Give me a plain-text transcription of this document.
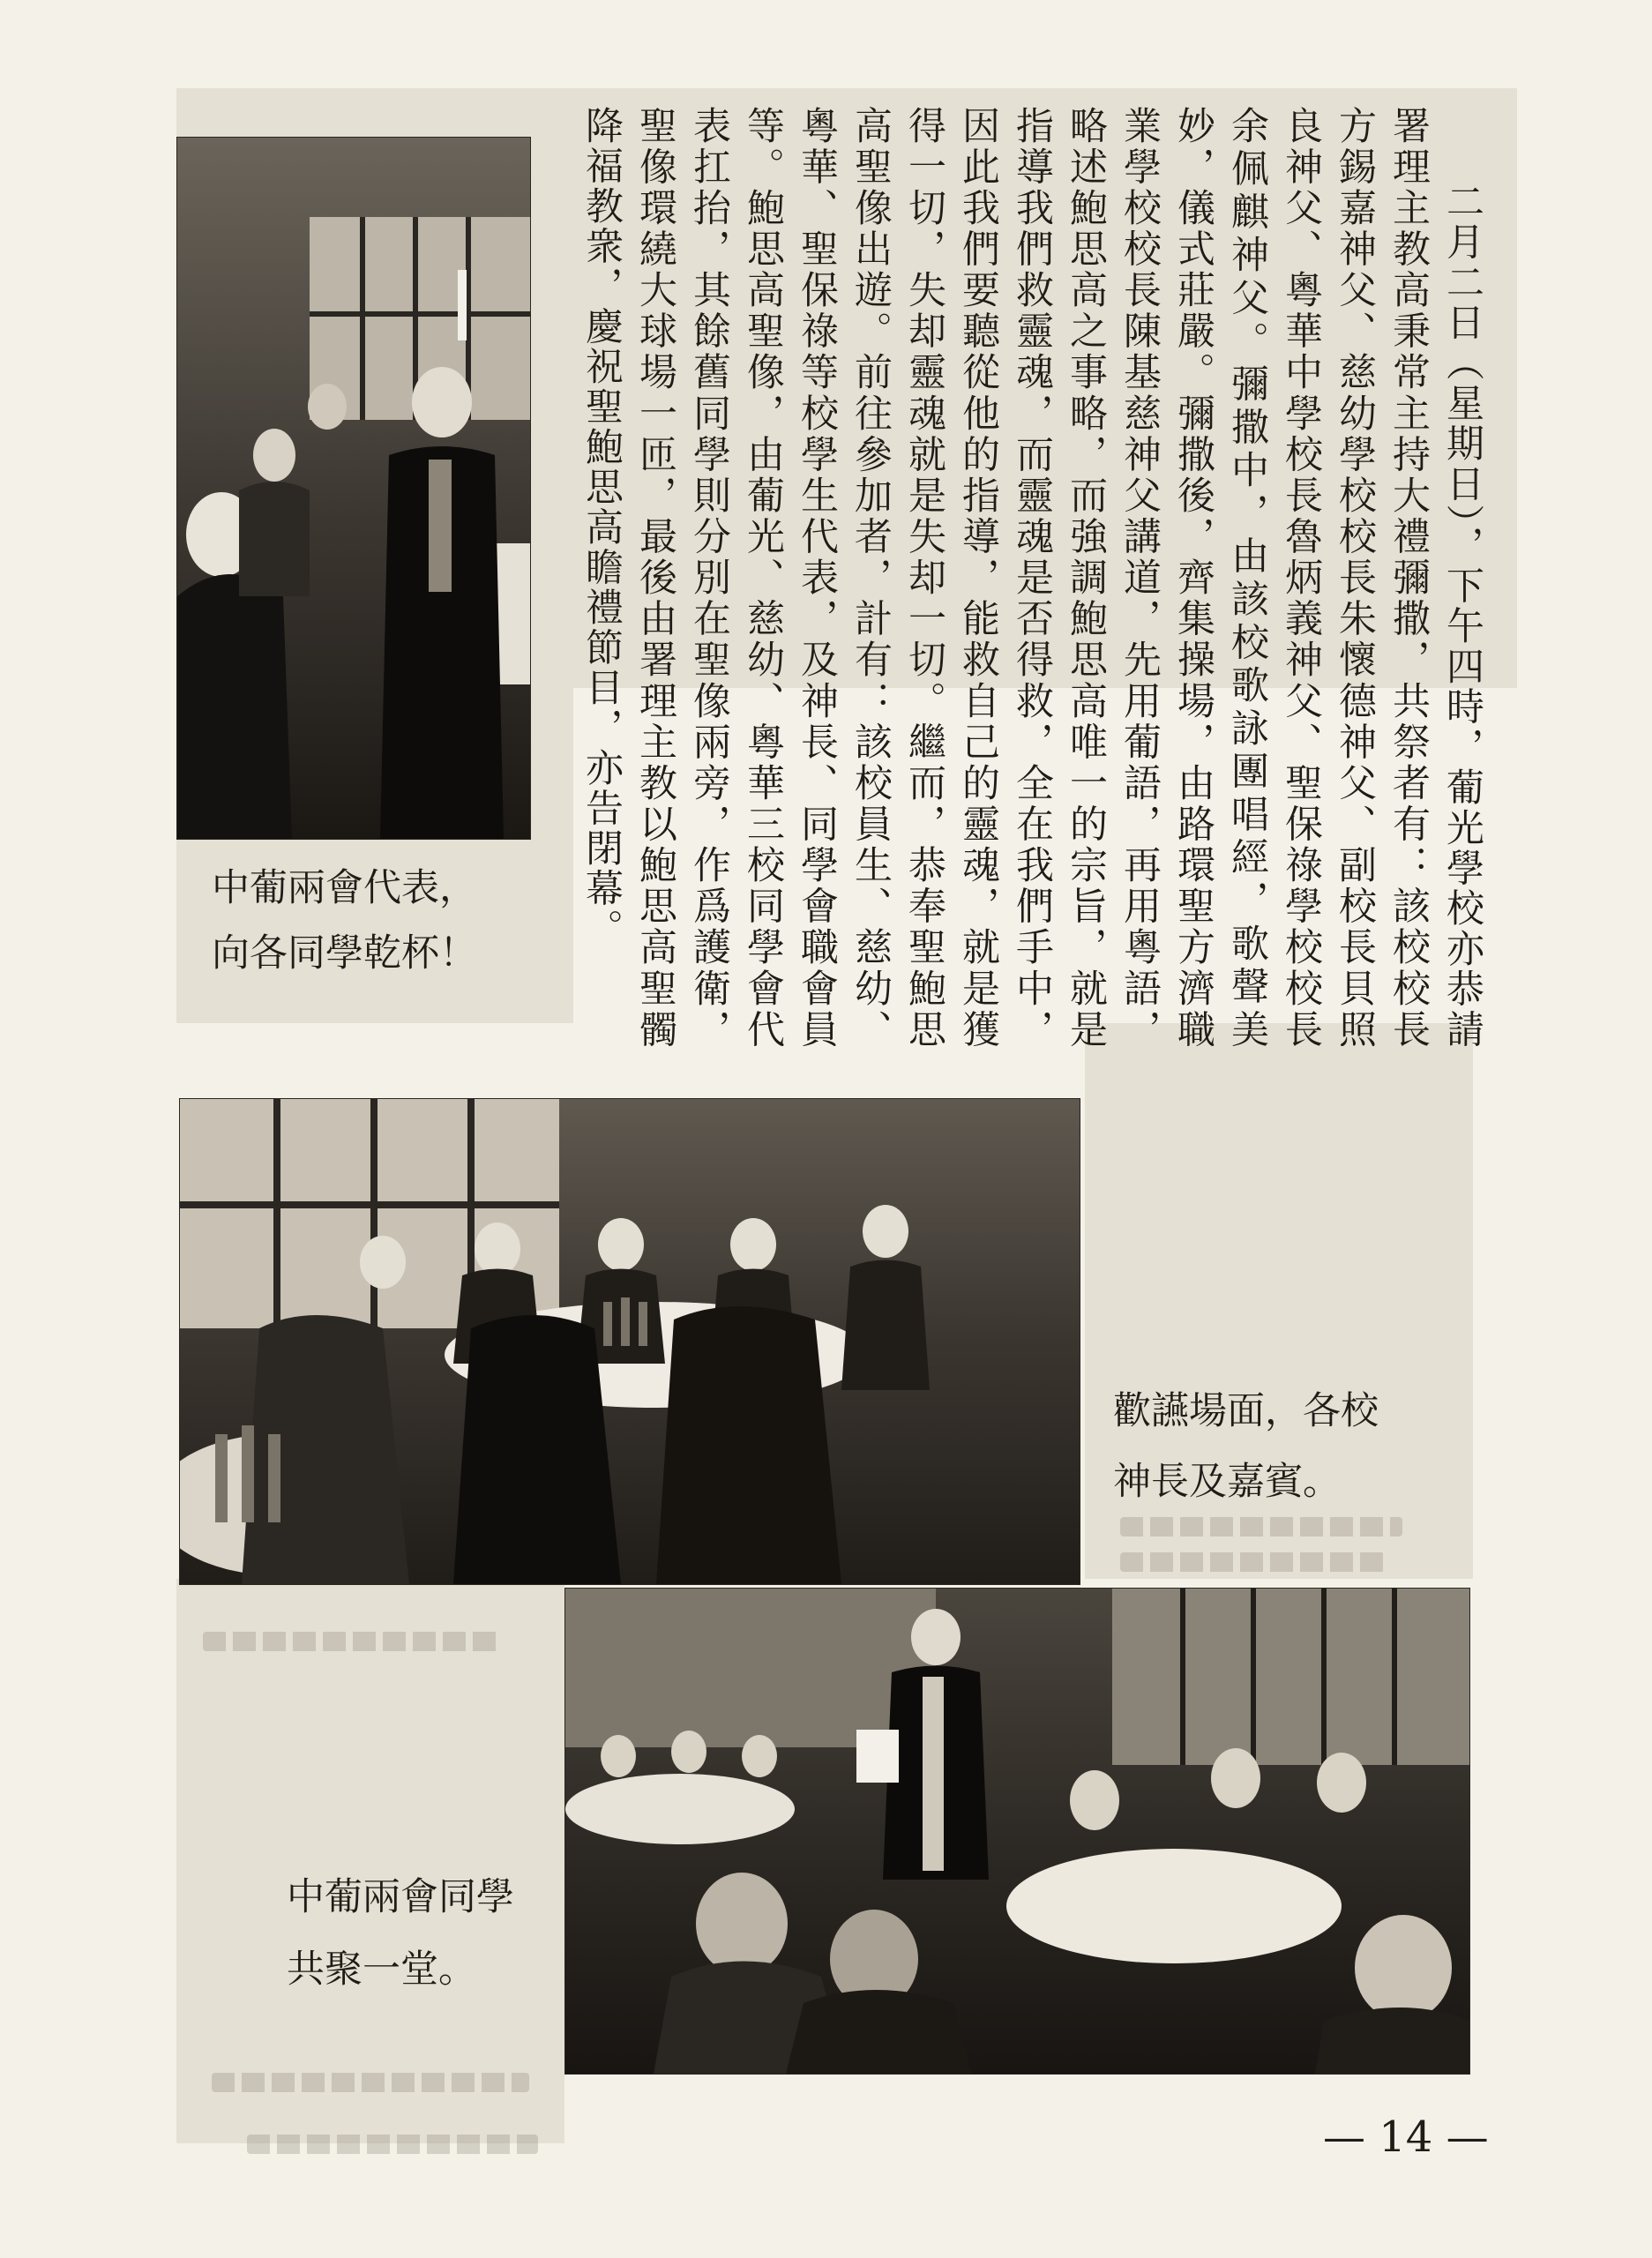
二月二日（星期日），下午四時，葡光學校亦恭請署理主教高秉常主持大禮彌撒，共祭者有：該校校長方錫嘉神父、慈幼學校校長朱懷德神父、副校長貝照良神父、粵華中學校長魯炳義神父、聖保祿學校校長余佩麒神父。彌撒中，由該校歌詠團唱經，歌聲美妙，儀式莊嚴。彌撒後，齊集操場，由路環聖方濟職業學校校長陳基慈神父講道，先用葡語，再用粵語，略述鮑思高之事略，而強調鮑思高唯一的宗旨，就是指導我們救靈魂，而靈魂是否得救，全在我們手中，因此我們要聽從他的指導，能救自己的靈魂，就是獲得一切，失却靈魂就是失却一切。繼而，恭奉聖鮑思高聖像出遊。前往參加者，計有：該校員生、慈幼、粵華、聖保祿等校學生代表，及神長、同學會職會員等。鮑思高聖像，由葡光、慈幼、粵華三校同學會代表扛抬，其餘舊同學則分別在聖像兩旁，作爲護衛，聖像環繞大球場一匝，最後由署理主教以鮑思高聖髑降福教衆，慶祝聖鮑思高瞻禮節目，亦告閉幕。

中葡兩會代表，
向各同學乾杯！
歡讌場面，各校
神長及嘉賓。
中葡兩會同學
共聚一堂。
— 14 —
